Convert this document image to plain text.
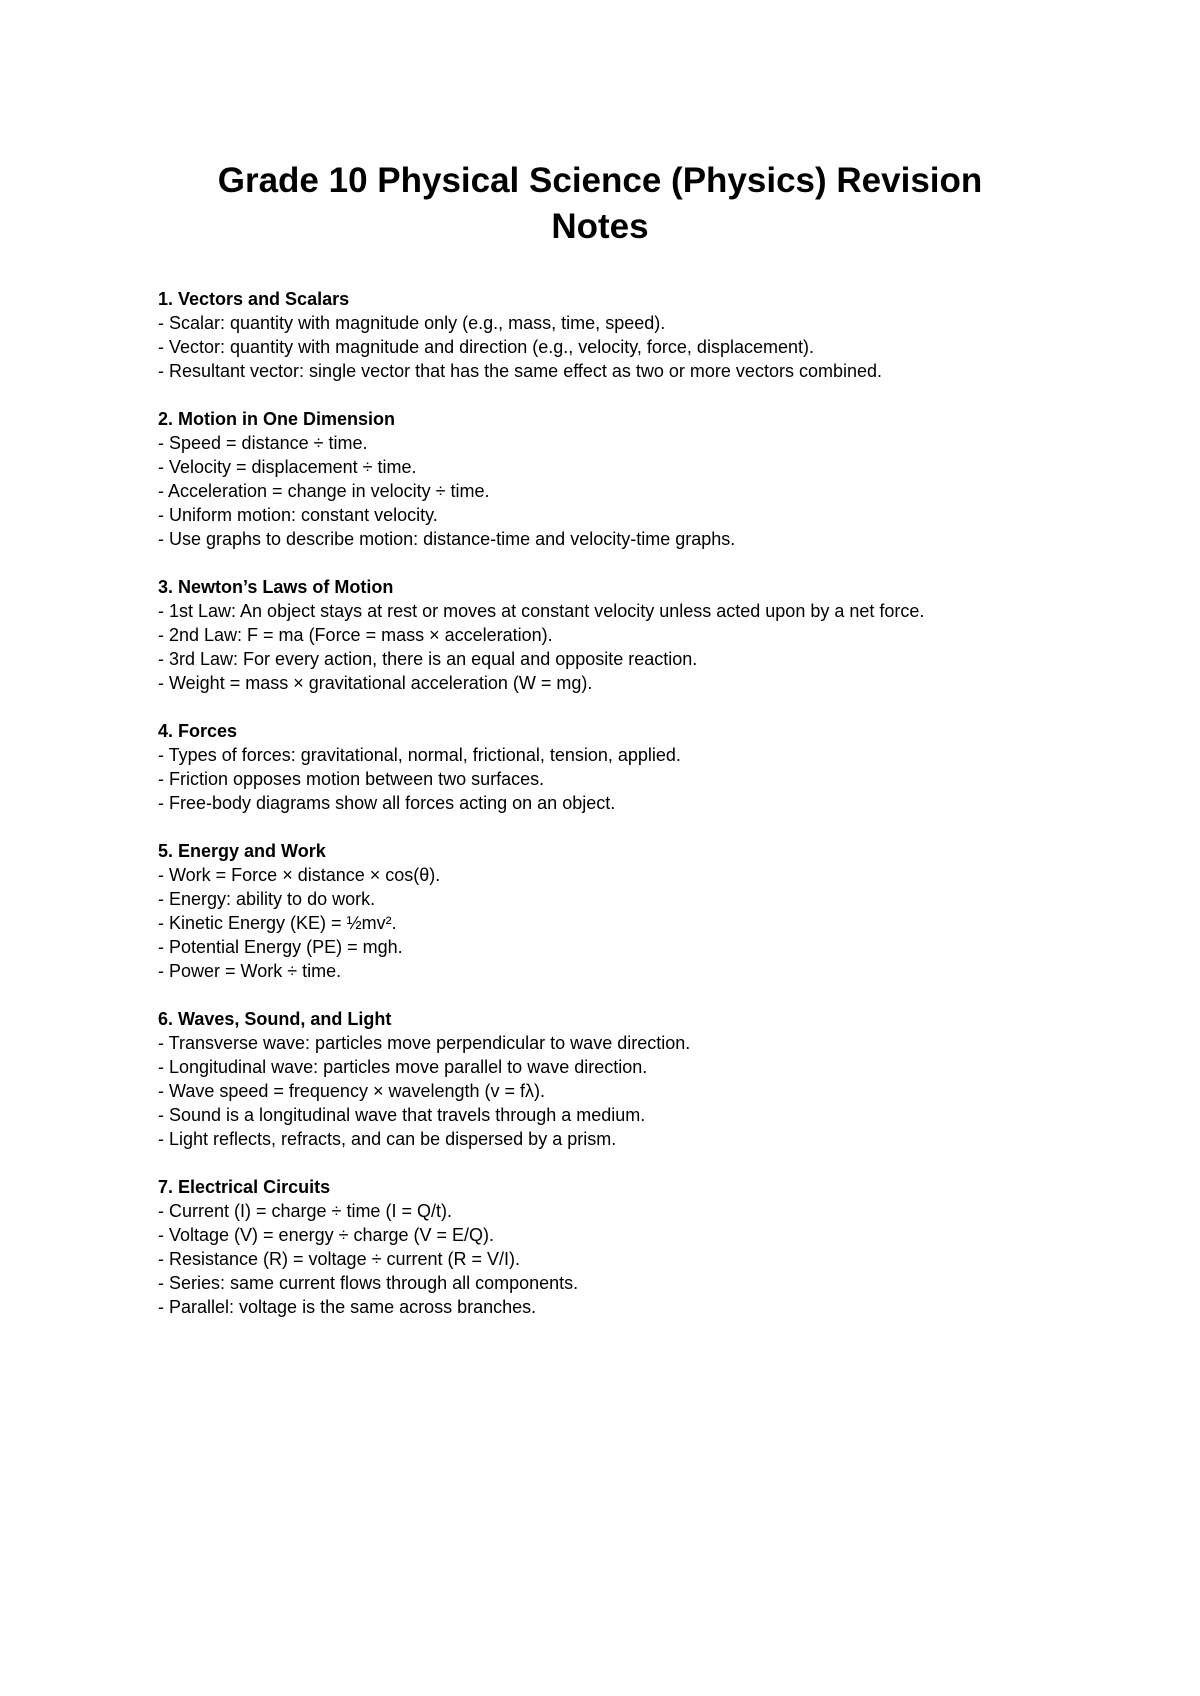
Grade 10 Physical Science (Physics) Revision
Notes

1. Vectors and Scalars

- Scalar: quantity with magnitude only (e.g., mass, time, speed).

- Vector: quantity with magnitude and direction (e.g., velocity, force, displacement).

- Resultant vector: single vector that has the same effect as two or more vectors combined.

2. Motion in One Dimension

- Speed = distance ÷ time.

- Velocity = displacement ÷ time.

- Acceleration = change in velocity ÷ time.

- Uniform motion: constant velocity.

- Use graphs to describe motion: distance-time and velocity-time graphs.

3. Newton’s Laws of Motion

- 1st Law: An object stays at rest or moves at constant velocity unless acted upon by a net force.

- 2nd Law: F = ma (Force = mass × acceleration).

- 3rd Law: For every action, there is an equal and opposite reaction.

- Weight = mass × gravitational acceleration (W = mg).

4. Forces

- Types of forces: gravitational, normal, frictional, tension, applied.

- Friction opposes motion between two surfaces.

- Free-body diagrams show all forces acting on an object.

5. Energy and Work

- Work = Force × distance × cos(θ).

- Energy: ability to do work.

- Kinetic Energy (KE) = ½mv².

- Potential Energy (PE) = mgh.

- Power = Work ÷ time.

6. Waves, Sound, and Light

- Transverse wave: particles move perpendicular to wave direction.

- Longitudinal wave: particles move parallel to wave direction.

- Wave speed = frequency × wavelength (v = fλ).

- Sound is a longitudinal wave that travels through a medium.

- Light reflects, refracts, and can be dispersed by a prism.

7. Electrical Circuits

- Current (I) = charge ÷ time (I = Q/t).

- Voltage (V) = energy ÷ charge (V = E/Q).

- Resistance (R) = voltage ÷ current (R = V/I).

- Series: same current flows through all components.

- Parallel: voltage is the same across branches.
